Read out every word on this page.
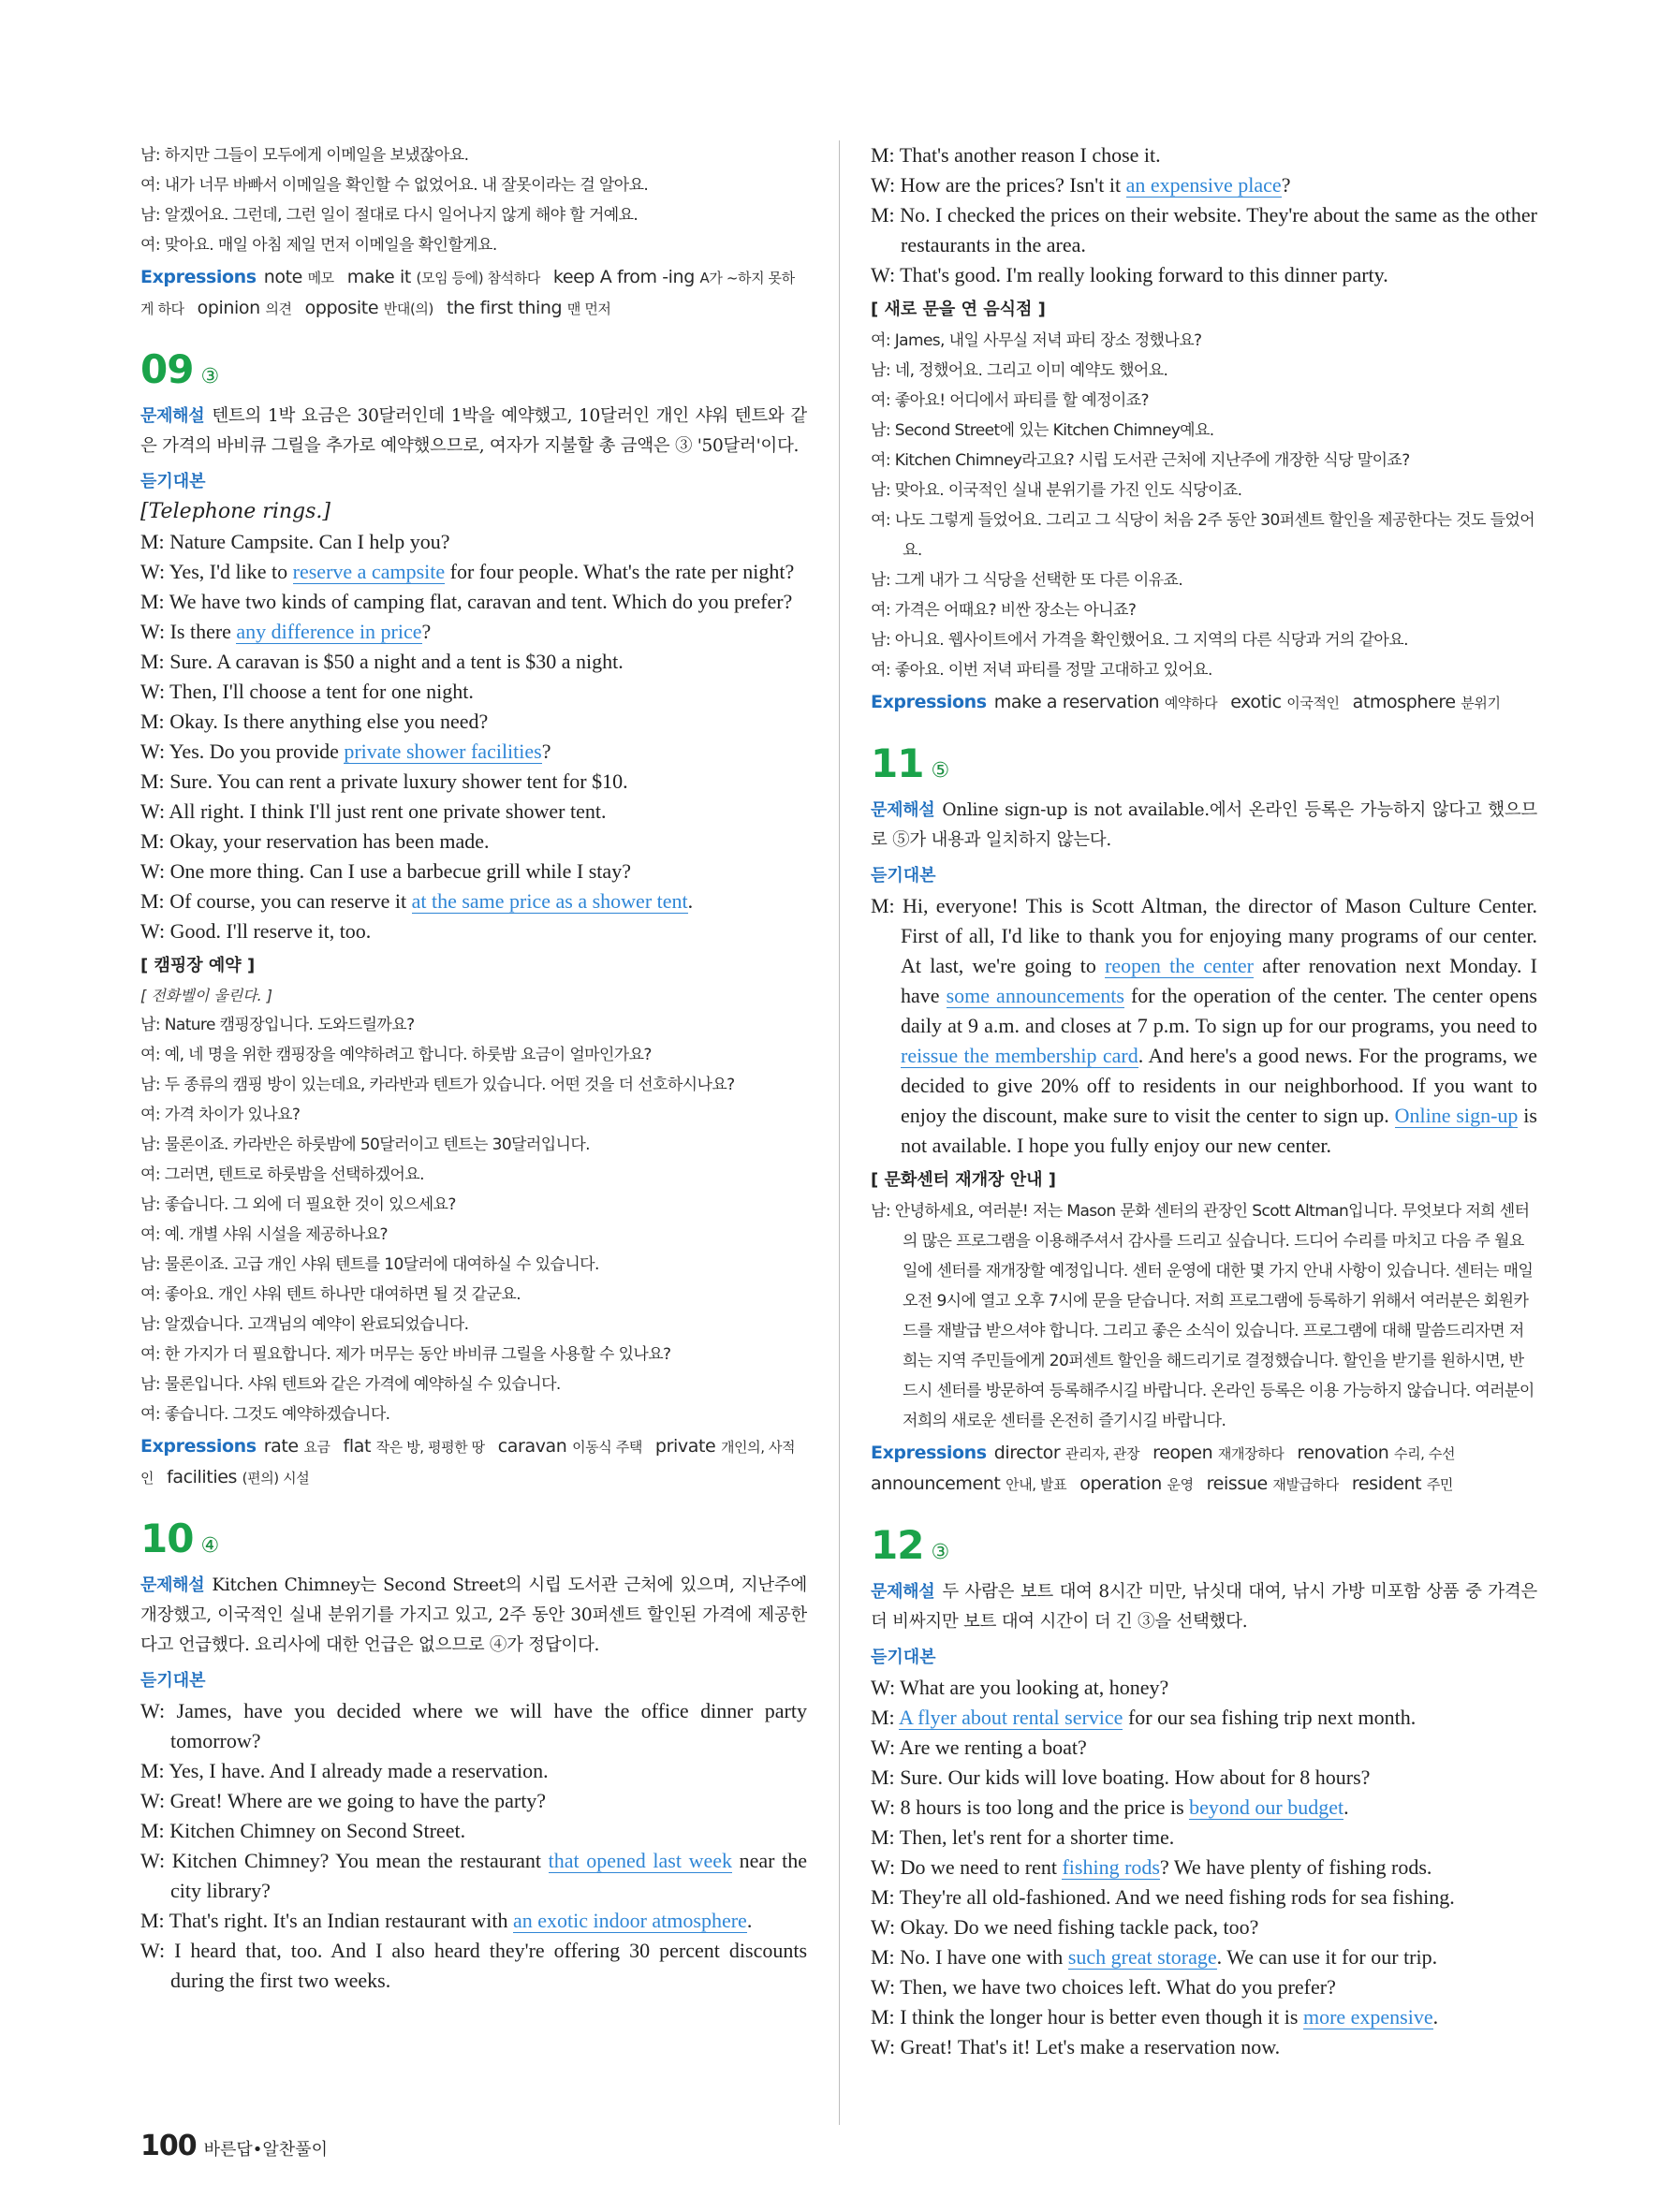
남: 하지만 그들이 모두에게 이메일을 보냈잖아요.

여: 내가 너무 바빠서 이메일을 확인할 수 없었어요. 내 잘못이라는 걸 알아요.

남: 알겠어요. 그런데, 그런 일이 절대로 다시 일어나지 않게 해야 할 거예요.

여: 맞아요. 매일 아침 제일 먼저 이메일을 확인할게요.

Expressions note 메모 make it (모임 등에) 참석하다 keep A from -ing A가 ~하지 못하게 하다 opinion 의견 opposite 반대(의) the first thing 맨 먼저
09 ③

문제해설 텐트의 1박 요금은 30달러인데 1박을 예약했고, 10달러인 개인 샤워 텐트와 같은 가격의 바비큐 그릴을 추가로 예약했으므로, 여자가 지불할 총 금액은 ③ '50달러'이다.

듣기대본

[Telephone rings.]

M: Nature Campsite. Can I help you?

W: Yes, I'd like to reserve a campsite for four people. What's the rate per night?

M: We have two kinds of camping flat, caravan and tent. Which do you prefer?

W: Is there any difference in price?

M: Sure. A caravan is $50 a night and a tent is $30 a night.

W: Then, I'll choose a tent for one night.

M: Okay. Is there anything else you need?

W: Yes. Do you provide private shower facilities?

M: Sure. You can rent a private luxury shower tent for $10.

W: All right. I think I'll just rent one private shower tent.

M: Okay, your reservation has been made.

W: One more thing. Can I use a barbecue grill while I stay?

M: Of course, you can reserve it at the same price as a shower tent.

W: Good. I'll reserve it, too.

[ 캠핑장 예약 ]

[ 전화벨이 울린다. ]

남: Nature 캠핑장입니다. 도와드릴까요?

여: 예, 네 명을 위한 캠핑장을 예약하려고 합니다. 하룻밤 요금이 얼마인가요?

남: 두 종류의 캠핑 방이 있는데요, 카라반과 텐트가 있습니다. 어떤 것을 더 선호하시나요?

여: 가격 차이가 있나요?

남: 물론이죠. 카라반은 하룻밤에 50달러이고 텐트는 30달러입니다.

여: 그러면, 텐트로 하룻밤을 선택하겠어요.

남: 좋습니다. 그 외에 더 필요한 것이 있으세요?

여: 예. 개별 샤워 시설을 제공하나요?

남: 물론이죠. 고급 개인 샤워 텐트를 10달러에 대여하실 수 있습니다.

여: 좋아요. 개인 샤워 텐트 하나만 대여하면 될 것 같군요.

남: 알겠습니다. 고객님의 예약이 완료되었습니다.

여: 한 가지가 더 필요합니다. 제가 머무는 동안 바비큐 그릴을 사용할 수 있나요?

남: 물론입니다. 샤워 텐트와 같은 가격에 예약하실 수 있습니다.

여: 좋습니다. 그것도 예약하겠습니다.

Expressions rate 요금 flat 작은 방, 평평한 땅 caravan 이동식 주택 private 개인의, 사적인 facilities (편의) 시설
10 ④

문제해설 Kitchen Chimney는 Second Street의 시립 도서관 근처에 있으며, 지난주에 개장했고, 이국적인 실내 분위기를 가지고 있고, 2주 동안 30퍼센트 할인된 가격에 제공한다고 언급했다. 요리사에 대한 언급은 없으므로 ④가 정답이다.

듣기대본

W: James, have you decided where we will have the office dinner party tomorrow?

M: Yes, I have. And I already made a reservation.

W: Great! Where are we going to have the party?

M: Kitchen Chimney on Second Street.

W: Kitchen Chimney? You mean the restaurant that opened last week near the city library?

M: That's right. It's an Indian restaurant with an exotic indoor atmosphere.

W: I heard that, too. And I also heard they're offering 30 percent discounts during the first two weeks.

M: That's another reason I chose it.

W: How are the prices? Isn't it an expensive place?

M: No. I checked the prices on their website. They're about the same as the other restaurants in the area.

W: That's good. I'm really looking forward to this dinner party.

[ 새로 문을 연 음식점 ]

여: James, 내일 사무실 저녁 파티 장소 정했나요?

남: 네, 정했어요. 그리고 이미 예약도 했어요.

여: 좋아요! 어디에서 파티를 할 예정이죠?

남: Second Street에 있는 Kitchen Chimney예요.

여: Kitchen Chimney라고요? 시립 도서관 근처에 지난주에 개장한 식당 말이죠?

남: 맞아요. 이국적인 실내 분위기를 가진 인도 식당이죠.

여: 나도 그렇게 들었어요. 그리고 그 식당이 처음 2주 동안 30퍼센트 할인을 제공한다는 것도 들었어요.

남: 그게 내가 그 식당을 선택한 또 다른 이유죠.

여: 가격은 어때요? 비싼 장소는 아니죠?

남: 아니요. 웹사이트에서 가격을 확인했어요. 그 지역의 다른 식당과 거의 같아요.

여: 좋아요. 이번 저녁 파티를 정말 고대하고 있어요.

Expressions make a reservation 예약하다 exotic 이국적인 atmosphere 분위기
11 ⑤

문제해설 Online sign-up is not available.에서 온라인 등록은 가능하지 않다고 했으므로 ⑤가 내용과 일치하지 않는다.

듣기대본

M: Hi, everyone! This is Scott Altman, the director of Mason Culture Center. First of all, I'd like to thank you for enjoying many programs of our center. At last, we're going to reopen the center after renovation next Monday. I have some announcements for the operation of the center. The center opens daily at 9 a.m. and closes at 7 p.m. To sign up for our programs, you need to reissue the membership card. And here's a good news. For the programs, we decided to give 20% off to residents in our neighborhood. If you want to enjoy the discount, make sure to visit the center to sign up. Online sign-up is not available. I hope you fully enjoy our new center.

[ 문화센터 재개장 안내 ]

남: 안녕하세요, 여러분! 저는 Mason 문화 센터의 관장인 Scott Altman입니다. 무엇보다 저희 센터의 많은 프로그램을 이용해주셔서 감사를 드리고 싶습니다. 드디어 수리를 마치고 다음 주 월요일에 센터를 재개장할 예정입니다. 센터 운영에 대한 몇 가지 안내 사항이 있습니다. 센터는 매일 오전 9시에 열고 오후 7시에 문을 닫습니다. 저희 프로그램에 등록하기 위해서 여러분은 회원카드를 재발급 받으셔야 합니다. 그리고 좋은 소식이 있습니다. 프로그램에 대해 말씀드리자면 저희는 지역 주민들에게 20퍼센트 할인을 해드리기로 결정했습니다. 할인을 받기를 원하시면, 반드시 센터를 방문하여 등록해주시길 바랍니다. 온라인 등록은 이용 가능하지 않습니다. 여러분이 저희의 새로운 센터를 온전히 즐기시길 바랍니다.

Expressions director 관리자, 관장 reopen 재개장하다 renovation 수리, 수선announcement 안내, 발표 operation 운영 reissue 재발급하다 resident 주민
12 ③

문제해설 두 사람은 보트 대여 8시간 미만, 낚싯대 대여, 낚시 가방 미포함 상품 중 가격은 더 비싸지만 보트 대여 시간이 더 긴 ③을 선택했다.

듣기대본

W: What are you looking at, honey?

M: A flyer about rental service for our sea fishing trip next month.

W: Are we renting a boat?

M: Sure. Our kids will love boating. How about for 8 hours?

W: 8 hours is too long and the price is beyond our budget.

M: Then, let's rent for a shorter time.

W: Do we need to rent fishing rods? We have plenty of fishing rods.

M: They're all old-fashioned. And we need fishing rods for sea fishing.

W: Okay. Do we need fishing tackle pack, too?

M: No. I have one with such great storage. We can use it for our trip.

W: Then, we have two choices left. What do you prefer?

M: I think the longer hour is better even though it is more expensive.

W: Great! That's it! Let's make a reservation now.

100 바른답•알찬풀이
